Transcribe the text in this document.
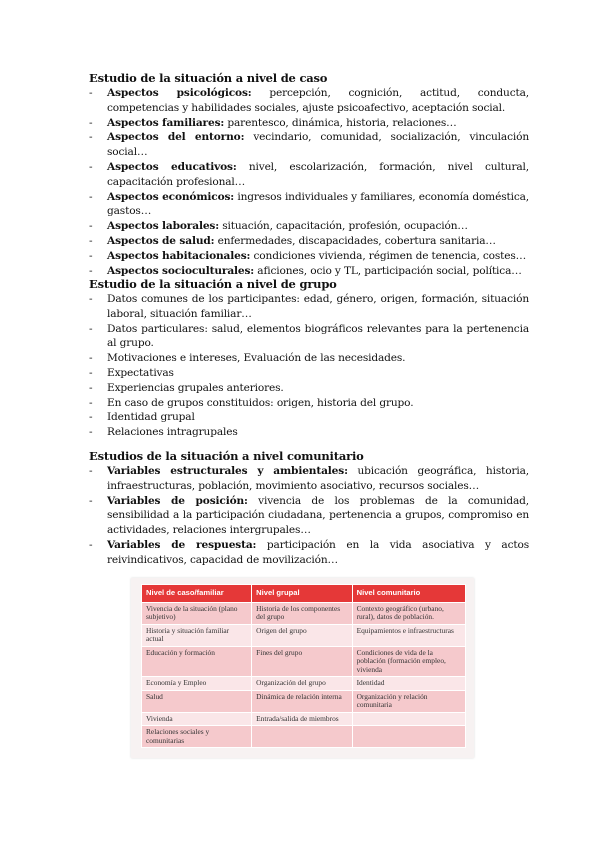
Estudio de la situación a nivel de caso
- Aspectos psicológicos: percepción, cognición, actitud, conducta, competencias y habilidades sociales, ajuste psicoafectivo, aceptación social.
- Aspectos familiares: parentesco, dinámica, historia, relaciones…
- Aspectos del entorno: vecindario, comunidad, socialización, vinculación social…
- Aspectos educativos: nivel, escolarización, formación, nivel cultural, capacitación profesional…
- Aspectos económicos: ingresos individuales y familiares, economía doméstica, gastos…
- Aspectos laborales: situación, capacitación, profesión, ocupación…
- Aspectos de salud: enfermedades, discapacidades, cobertura sanitaria…
- Aspectos habitacionales: condiciones vivienda, régimen de tenencia, costes…
- Aspectos socioculturales: aficiones, ocio y TL, participación social, política…
Estudio de la situación a nivel de grupo
- Datos comunes de los participantes: edad, género, origen, formación, situación laboral, situación familiar…
- Datos particulares: salud, elementos biográficos relevantes para la pertenencia al grupo.
- Motivaciones e intereses, Evaluación de las necesidades.
- Expectativas
- Experiencias grupales anteriores.
- En caso de grupos constituidos: origen, historia del grupo.
- Identidad grupal
- Relaciones intragrupales
Estudios de la situación a nivel comunitario
- Variables estructurales y ambientales: ubicación geográfica, historia, infraestructuras, población, movimiento asociativo, recursos sociales…
- Variables de posición: vivencia de los problemas de la comunidad, sensibilidad a la participación ciudadana, pertenencia a grupos, compromiso en actividades, relaciones intergrupales…
- Variables de respuesta: participación en la vida asociativa y actos reivindicativos, capacidad de movilización…
Nivel de caso/familiar	Nivel grupal	Nivel comunitario
Vivencia de la situación (plano subjetivo)	Historia de los componentes del grupo	Contexto geográfico (urbano, rural), datos de población.
Historia y situación familiar actual	Origen del grupo	Equipamientos e infraestructuras
Educación y formación	Fines del grupo	Condiciones de vida de la población (formación empleo, vivienda
Economía y Empleo	Organización del grupo	Identidad
Salud	Dinámica de relación interna	Organización y relación comunitaria
Vivienda	Entrada/salida de miembros	
Relaciones sociales y comunitarias		
